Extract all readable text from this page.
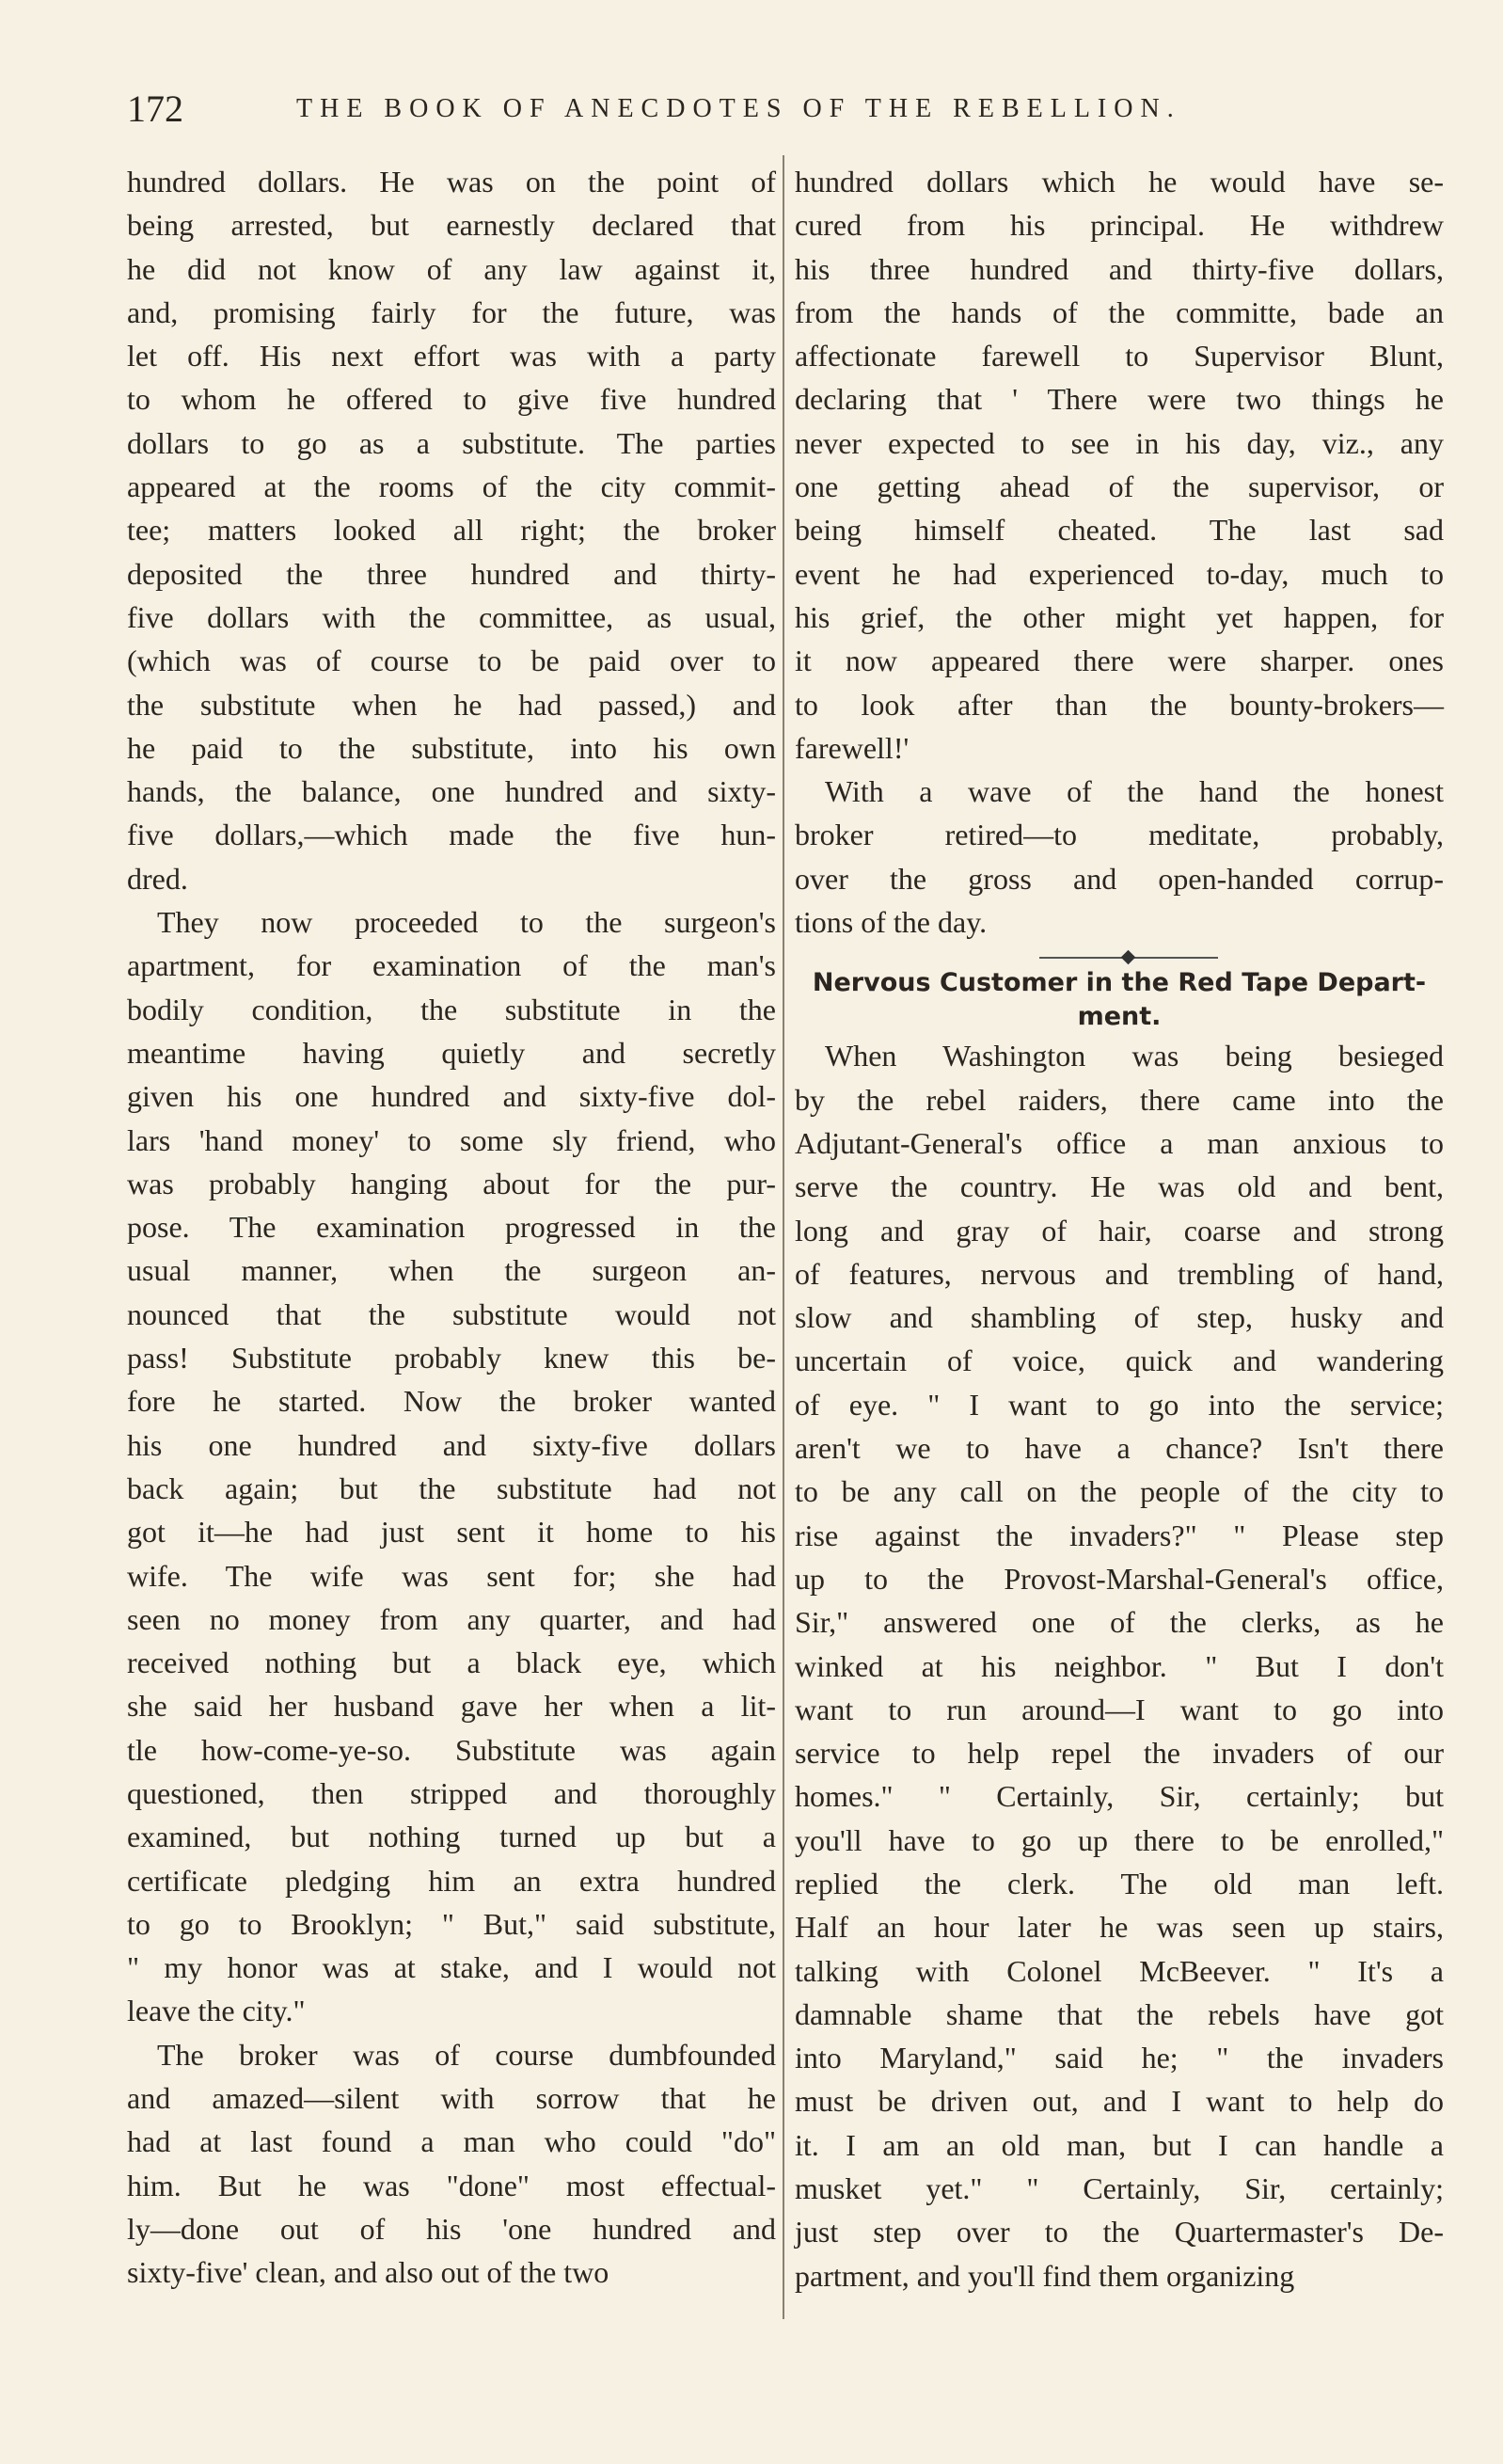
172	THE BOOK OF ANECDOTES OF THE REBELLION.
hundred dollars. He was on the point of
being arrested, but earnestly declared that
he did not know of any law against it,
and, promising fairly for the future, was
let off. His next effort was with a party
to whom he offered to give five hundred
dollars to go as a substitute. The parties
appeared at the rooms of the city commit-
tee; matters looked all right; the broker
deposited the three hundred and thirty-
five dollars with the committee, as usual,
(which was of course to be paid over to
the substitute when he had passed,) and
he paid to the substitute, into his own
hands, the balance, one hundred and sixty-
five dollars,—which made the five hun-
dred.
They now proceeded to the surgeon's
apartment, for examination of the man's
bodily condition, the substitute in the
meantime having quietly and secretly
given his one hundred and sixty-five dol-
lars 'hand money' to some sly friend, who
was probably hanging about for the pur-
pose. The examination progressed in the
usual manner, when the surgeon an-
nounced that the substitute would not
pass! Substitute probably knew this be-
fore he started. Now the broker wanted
his one hundred and sixty-five dollars
back again; but the substitute had not
got it—he had just sent it home to his
wife. The wife was sent for; she had
seen no money from any quarter, and had
received nothing but a black eye, which
she said her husband gave her when a lit-
tle how-come-ye-so. Substitute was again
questioned, then stripped and thoroughly
examined, but nothing turned up but a
certificate pledging him an extra hundred
to go to Brooklyn; " But," said substitute,
" my honor was at stake, and I would not
leave the city."
The broker was of course dumbfounded
and amazed—silent with sorrow that he
had at last found a man who could "do"
him. But he was "done" most effectual-
ly—done out of his 'one hundred and
sixty-five' clean, and also out of the two
hundred dollars which he would have se-
cured from his principal. He withdrew
his three hundred and thirty-five dollars,
from the hands of the committe, bade an
affectionate farewell to Supervisor Blunt,
declaring that ' There were two things he
never expected to see in his day, viz., any
one getting ahead of the supervisor, or
being himself cheated. The last sad
event he had experienced to-day, much to
his grief, the other might yet happen, for
it now appeared there were sharper. ones
to look after than the bounty-brokers—
farewell!'
With a wave of the hand the honest
broker retired—to meditate, probably,
over the gross and open-handed corrup-
tions of the day.
Nervous Customer in the Red Tape Depart-
ment.
When Washington was being besieged
by the rebel raiders, there came into the
Adjutant-General's office a man anxious to
serve the country. He was old and bent,
long and gray of hair, coarse and strong
of features, nervous and trembling of hand,
slow and shambling of step, husky and
uncertain of voice, quick and wandering
of eye. " I want to go into the service;
aren't we to have a chance? Isn't there
to be any call on the people of the city to
rise against the invaders?" " Please step
up to the Provost-Marshal-General's office,
Sir," answered one of the clerks, as he
winked at his neighbor. " But I don't
want to run around—I want to go into
service to help repel the invaders of our
homes." " Certainly, Sir, certainly; but
you'll have to go up there to be enrolled,"
replied the clerk. The old man left.
Half an hour later he was seen up stairs,
talking with Colonel McBeever. " It's a
damnable shame that the rebels have got
into Maryland," said he; " the invaders
must be driven out, and I want to help do
it. I am an old man, but I can handle a
musket yet." " Certainly, Sir, certainly;
just step over to the Quartermaster's De-
partment, and you'll find them organizing
